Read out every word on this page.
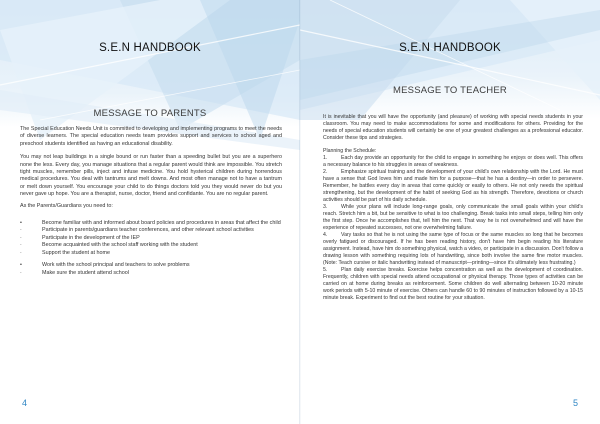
S.E.N HANDBOOK
MESSAGE TO PARENTS

The Special Education Needs Unit is committed to developing and implementing programs to meet the needs of diverse learners. The special education needs team provides support and services to school aged and preschool students identified as having an educational disability.

You may not leap buildings in a single bound or run faster than a speeding bullet but you are a superhero none the less. Every day, you manage situations that a regular parent would think are impossible. You stretch tight muscles, remember pills, inject and infuse medicine. You hold hysterical children during horrendous medical procedures. You deal with tantrums and melt downs. And most often manage not to have a tantrum or melt down yourself. You encourage your child to do things doctors told you they would never do but you never gave up hope. You are a therapist, nurse, doctor, friend and confidante. You are no regular parent.

As the Parents/Guardians you need to:

•	Become familiar with and informed about board policies and procedures in areas that affect the child
·	Participate in parents/guardians teacher conferences, and other relevant school activities
·	Participate in the development of the IEP
·	Become acquainted with the school staff working with the student
·	Support the student at home
•	Work with the school principal and teachers to solve problems
·	Make sure the student attend school
4
S.E.N HANDBOOK
MESSAGE TO TEACHER

It is inevitable that you will have the opportunity (and pleasure) of working with special needs students in your classroom. You may need to make accommodations for some and modifications for others. Providing for the needs of special education students will certainly be one of your greatest challenges as a professional educator. Consider these tips and strategies.

Planning the Schedule:

1.	Each day provide an opportunity for the child to engage in something he enjoys or does well. This offers a necessary balance to his struggles in areas of weakness.

2.	Emphasize spiritual training and the development of your child's own relationship with the Lord. He must have a sense that God loves him and made him for a purpose—that he has a destiny—in order to persevere. Remember, he battles every day in areas that come quickly or easily to others. He not only needs the spiritual strengthening, but the development of the habit of seeking God as his strength. Therefore, devotions or church activities should be part of his daily schedule.

3.	While your plans will include long-range goals, only communicate the small goals within your child's reach. Stretch him a bit, but be sensitive to what is too challenging. Break tasks into small steps, telling him only the first step. Once he accomplishes that, tell him the next. That way he is not overwhelmed and will have the experience of repeated successes, not one overwhelming failure.

4.	Vary tasks so that he is not using the same type of focus or the same muscles so long that he becomes overly fatigued or discouraged. If he has been reading history, don't have him begin reading his literature assignment. Instead, have him do something physical, watch a video, or participate in a discussion. Don't follow a drawing lesson with something requiring lots of handwriting, since both involve the same fine motor muscles. (Note: Teach cursive or italic handwriting instead of manuscript—printing—since it's ultimately less frustrating.)

5.	Plan daily exercise breaks. Exercise helps concentration as well as the development of coordination. Frequently, children with special needs attend occupational or physical therapy. Those types of activities can be carried on at home during breaks as reinforcement. Some children do well alternating between 10-20 minute work periods with 5-10 minute of exercise. Others can handle 60 to 90 minutes of instruction followed by a 10-15 minute break. Experiment to find out the best routine for your situation.

5
